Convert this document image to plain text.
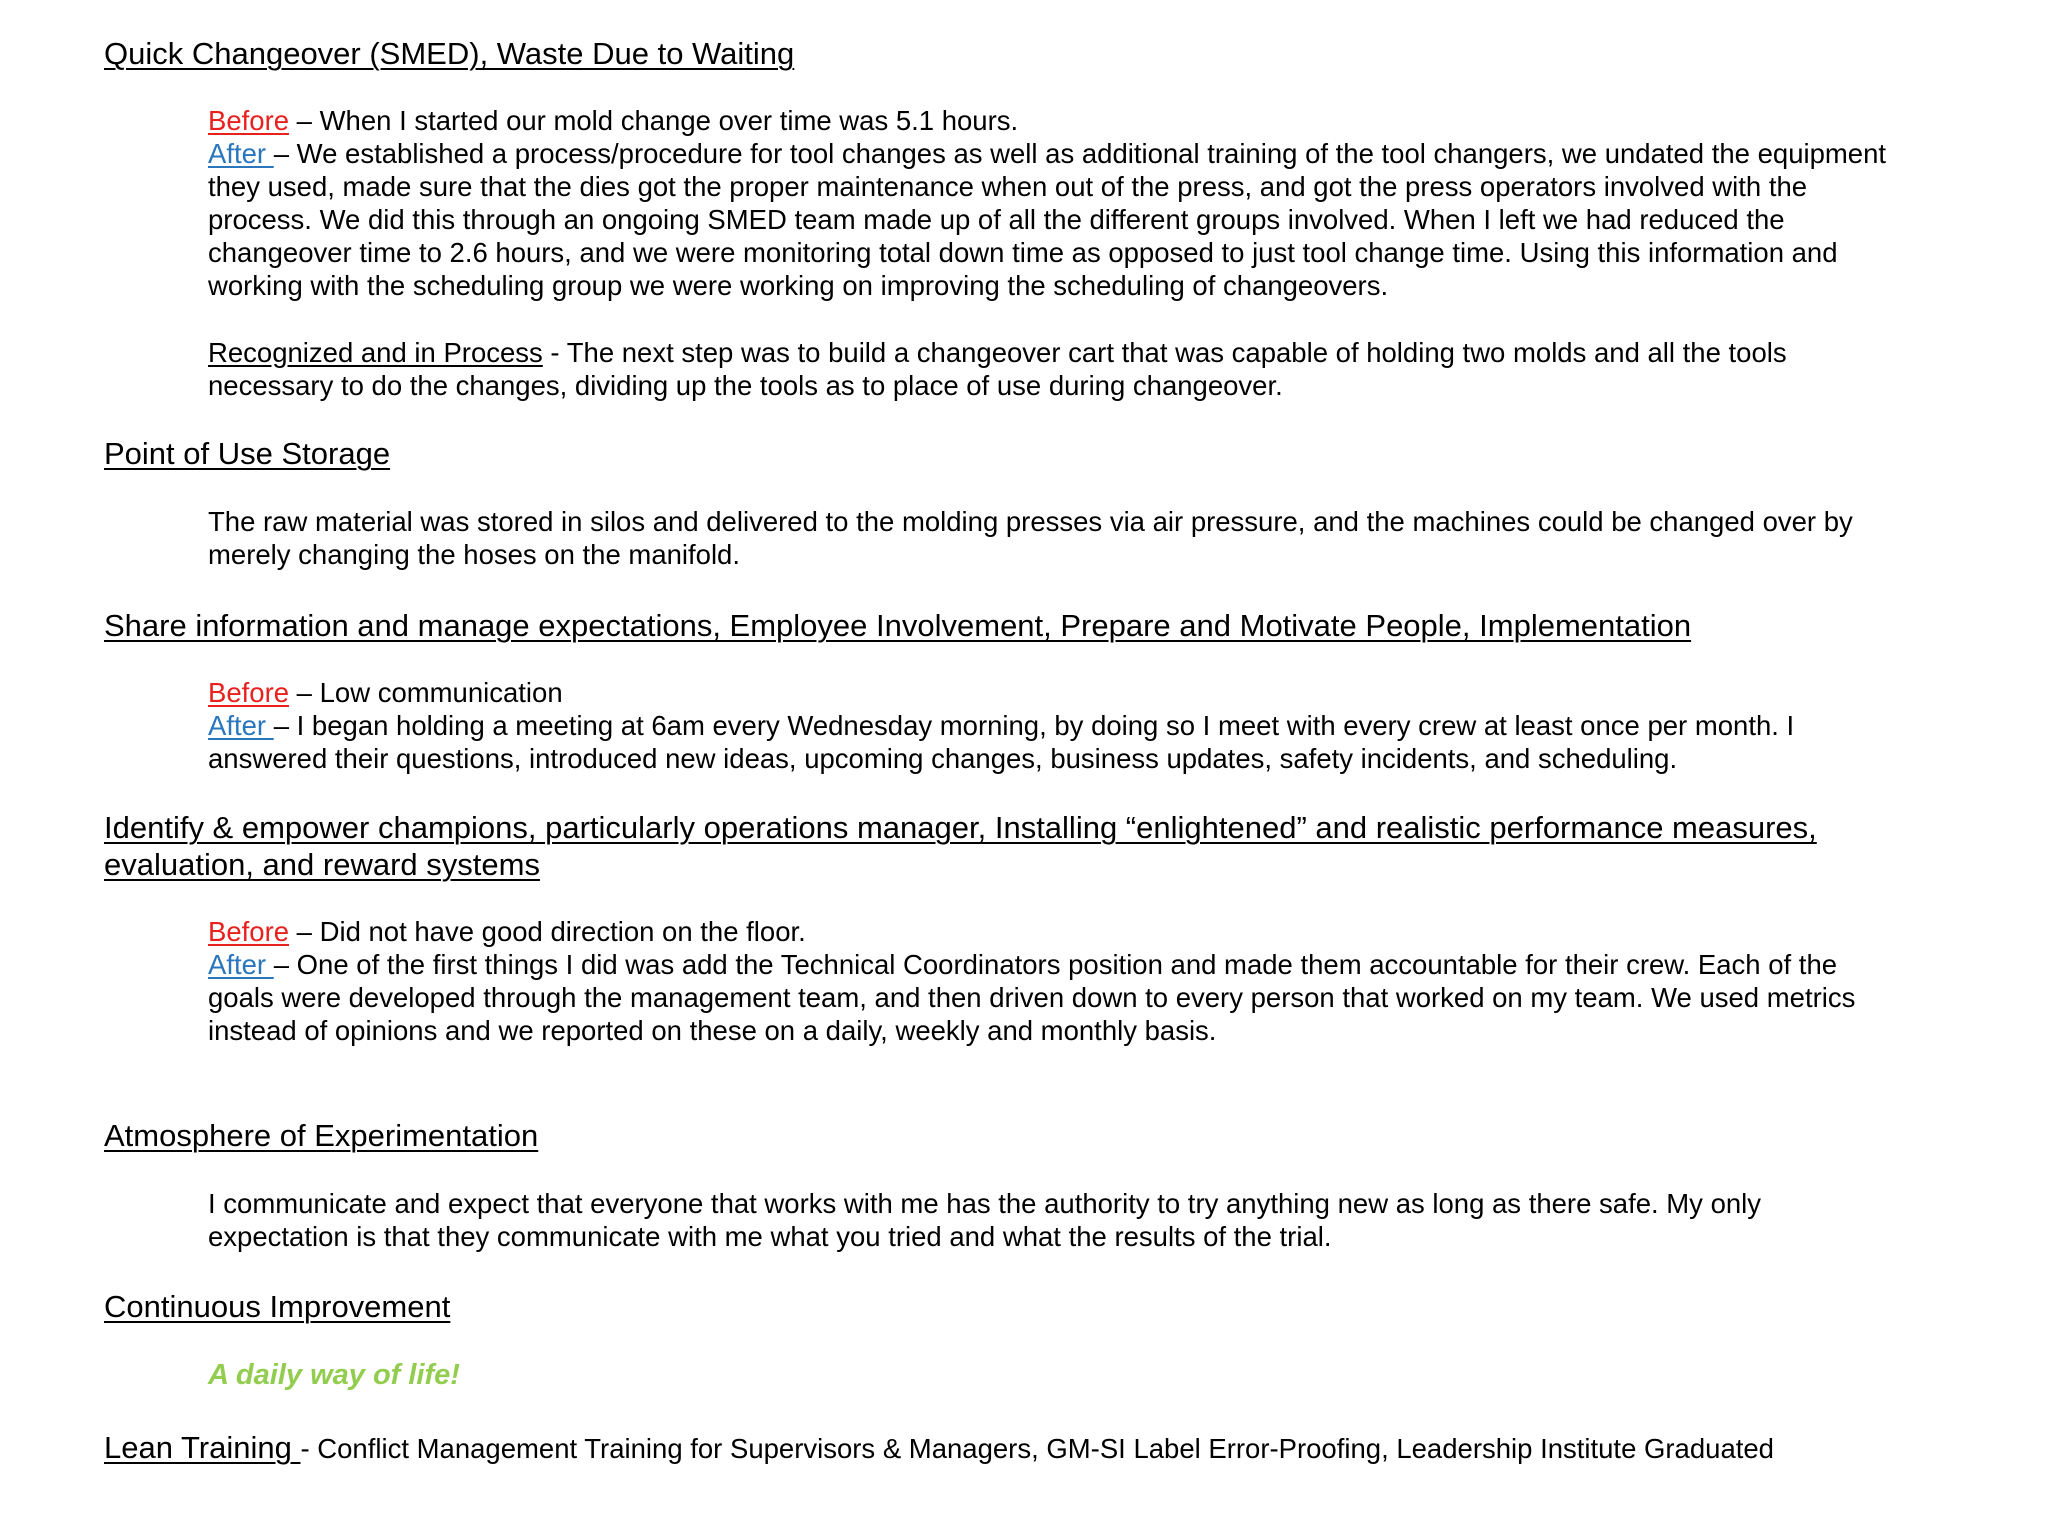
Quick Changeover (SMED), Waste Due to Waiting
Before – When I started our mold change over time was 5.1 hours.
After – We established a process/procedure for tool changes as well as additional training of the tool changers, we undated the equipment
they used, made sure that the dies got the proper maintenance when out of the press, and got the press operators involved with the
process. We did this through an ongoing SMED team made up of all the different groups involved. When I left we had reduced the
changeover time to 2.6 hours, and we were monitoring total down time as opposed to just tool change time. Using this information and
working with the scheduling group we were working on improving the scheduling of changeovers.
Recognized and in Process - The next step was to build a changeover cart that was capable of holding two molds and all the tools
necessary to do the changes, dividing up the tools as to place of use during changeover.
Point of Use Storage
The raw material was stored in silos and delivered to the molding presses via air pressure, and the machines could be changed over by
merely changing the hoses on the manifold.
Share information and manage expectations, Employee Involvement, Prepare and Motivate People, Implementation
Before – Low communication
After – I began holding a meeting at 6am every Wednesday morning, by doing so I meet with every crew at least once per month. I
answered their questions, introduced new ideas, upcoming changes, business updates, safety incidents, and scheduling.
Identify & empower champions, particularly operations manager, Installing “enlightened” and realistic performance measures,
evaluation, and reward systems
Before – Did not have good direction on the floor.
After – One of the first things I did was add the Technical Coordinators position and made them accountable for their crew. Each of the
goals were developed through the management team, and then driven down to every person that worked on my team. We used metrics
instead of opinions and we reported on these on a daily, weekly and monthly basis.
Atmosphere of Experimentation
I communicate and expect that everyone that works with me has the authority to try anything new as long as there safe. My only
expectation is that they communicate with me what you tried and what the results of the trial.
Continuous Improvement

A daily way of life!

Lean Training - Conflict Management Training for Supervisors & Managers, GM-SI Label Error-Proofing, Leadership Institute Graduated
